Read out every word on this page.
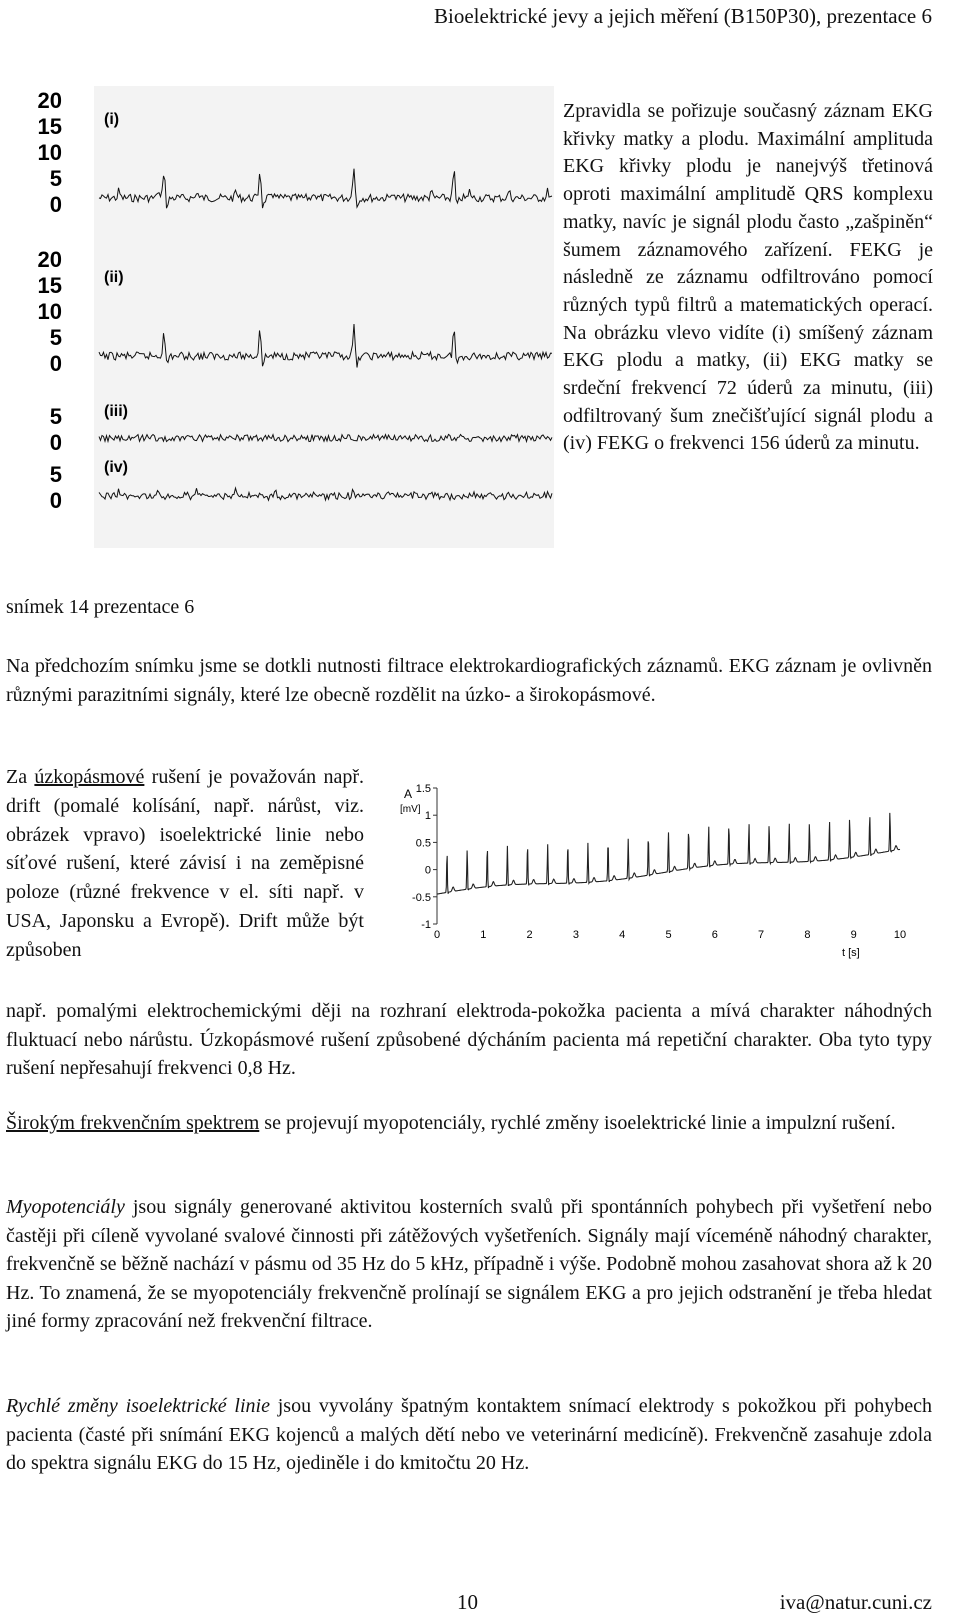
Bioelektrické jevy a jejich měření (B150P30), prezentace 6
20
15
10
5
0
20
15
10
5
0
5
0
5
0
(i)
(ii)
(iii)
(iv)
Zpravidla se pořizuje současný záznam EKG křivky matky a plodu. Maximální amplituda EKG křivky plodu je nanejvýš třetinová oproti maximální amplitudě QRS komplexu matky, navíc je signál plodu často „zašpiněn“ šumem záznamového zařízení. FEKG je následně ze záznamu odfiltrováno pomocí různých typů filtrů a matematických operací. Na obrázku vlevo vidíte (i) smíšený záznam EKG plodu a matky, (ii) EKG matky se srdeční frekvencí 72 úderů za minutu, (iii) odfiltrovaný šum znečišťující signál plodu a (iv) FEKG o frekvenci 156 úderů za minutu.
snímek 14 prezentace 6
Na předchozím snímku jsme se dotkli nutnosti filtrace elektrokardiografických záznamů. EKG záznam je ovlivněn různými parazitními signály, které lze obecně rozdělit na úzko- a širokopásmové.
Za úzkopásmové rušení je považován např. drift (pomalé kolísání, např. nárůst, viz. obrázek vpravo) isoelektrické linie nebo síťové rušení, které závisí i na zeměpisné poloze (různé frekvence v el. síti např. v USA, Japonsku a Evropě). Drift může být způsoben
A
[mV]
t [s]
1.5
1
0.5
0
-0.5
-1
0	1	2	3	4	5	6	7	8	9	10
např. pomalými elektrochemickými ději na rozhraní elektroda-pokožka pacienta a mívá charakter náhodných fluktuací nebo nárůstu. Úzkopásmové rušení způsobené dýcháním pacienta má repetiční charakter. Oba tyto typy rušení nepřesahují frekvenci 0,8 Hz.
Širokým frekvenčním spektrem se projevují myopotenciály, rychlé změny isoelektrické linie a impulzní rušení.
Myopotenciály jsou signály generované aktivitou kosterních svalů při spontánních pohybech při vyšetření nebo častěji při cíleně vyvolané svalové činnosti při zátěžových vyšetřeních. Signály mají víceméně náhodný charakter, frekvenčně se běžně nachází v pásmu od 35 Hz do 5 kHz, případně i výše. Podobně mohou zasahovat shora až k 20 Hz. To znamená, že se myopotenciály frekvenčně prolínají se signálem EKG a pro jejich odstranění je třeba hledat jiné formy zpracování než frekvenční filtrace.
Rychlé změny isoelektrické linie jsou vyvolány špatným kontaktem snímací elektrody s pokožkou při pohybech pacienta (časté při snímání EKG kojenců a malých dětí nebo ve veterinární medicíně). Frekvenčně zasahuje zdola do spektra signálu EKG do 15 Hz, ojediněle i do kmitočtu 20 Hz.
10	iva@natur.cuni.cz
